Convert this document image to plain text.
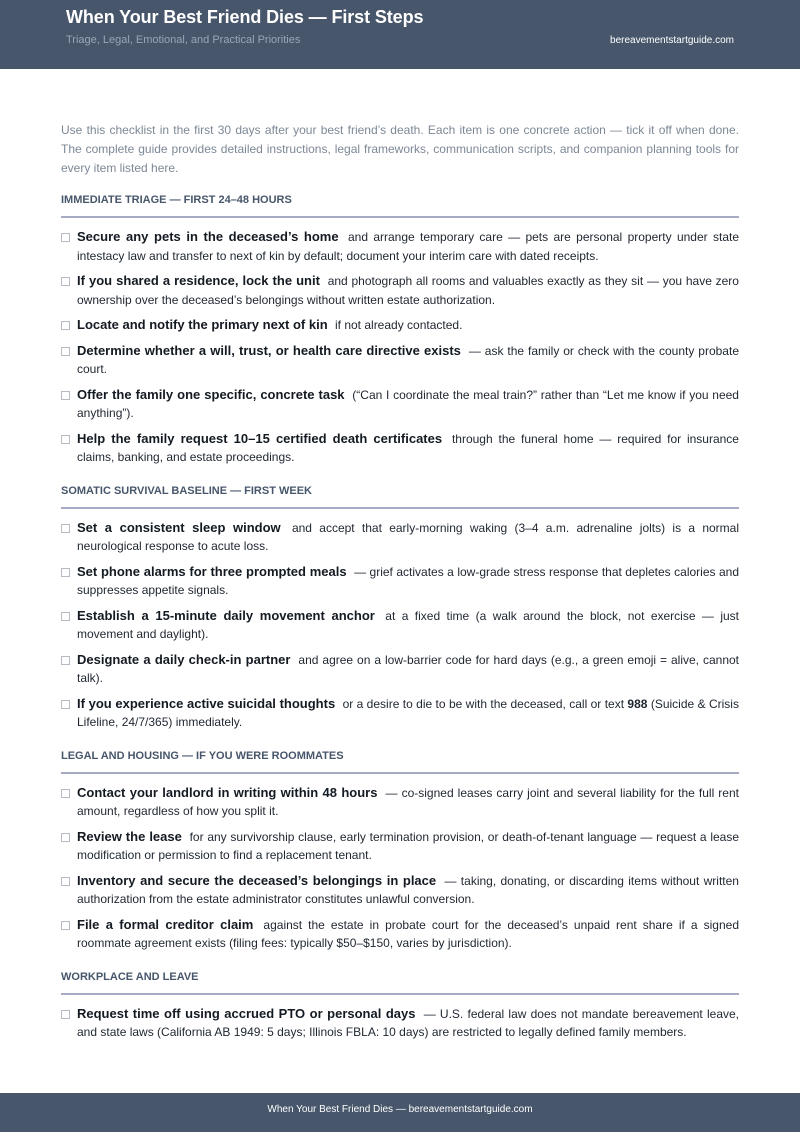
When Your Best Friend Dies — First Steps
Triage, Legal, Emotional, and Practical Priorities	bereavementstartguide.com

Use this checklist in the first 30 days after your best friend’s death. Each item is one concrete action — tick it off when done. The complete guide provides detailed instructions, legal frameworks, communication scripts, and companion planning tools for every item listed here.

IMMEDIATE TRIAGE — FIRST 24–48 HOURS
Secure any pets in the deceased’s home and arrange temporary care — pets are personal property under state intestacy law and transfer to next of kin by default; document your interim care with dated receipts.
If you shared a residence, lock the unit and photograph all rooms and valuables exactly as they sit — you have zero ownership over the deceased’s belongings without written estate authorization.
Locate and notify the primary next of kin if not already contacted.
Determine whether a will, trust, or health care directive exists — ask the family or check with the county probate court.
Offer the family one specific, concrete task (“Can I coordinate the meal train?” rather than “Let me know if you need anything”).
Help the family request 10–15 certified death certificates through the funeral home — required for insurance claims, banking, and estate proceedings.
SOMATIC SURVIVAL BASELINE — FIRST WEEK
Set a consistent sleep window and accept that early-morning waking (3–4 a.m. adrenaline jolts) is a normal neurological response to acute loss.
Set phone alarms for three prompted meals — grief activates a low-grade stress response that depletes calories and suppresses appetite signals.
Establish a 15-minute daily movement anchor at a fixed time (a walk around the block, not exercise — just movement and daylight).
Designate a daily check-in partner and agree on a low-barrier code for hard days (e.g., a green emoji = alive, cannot talk).
If you experience active suicidal thoughts or a desire to die to be with the deceased, call or text 988 (Suicide & Crisis Lifeline, 24/7/365) immediately.
LEGAL AND HOUSING — IF YOU WERE ROOMMATES
Contact your landlord in writing within 48 hours — co-signed leases carry joint and several liability for the full rent amount, regardless of how you split it.
Review the lease for any survivorship clause, early termination provision, or death-of-tenant language — request a lease modification or permission to find a replacement tenant.
Inventory and secure the deceased’s belongings in place — taking, donating, or discarding items without written authorization from the estate administrator constitutes unlawful conversion.
File a formal creditor claim against the estate in probate court for the deceased’s unpaid rent share if a signed roommate agreement exists (filing fees: typically $50–$150, varies by jurisdiction).
WORKPLACE AND LEAVE
Request time off using accrued PTO or personal days — U.S. federal law does not mandate bereavement leave, and state laws (California AB 1949: 5 days; Illinois FBLA: 10 days) are restricted to legally defined family members.
When Your Best Friend Dies — bereavementstartguide.com
